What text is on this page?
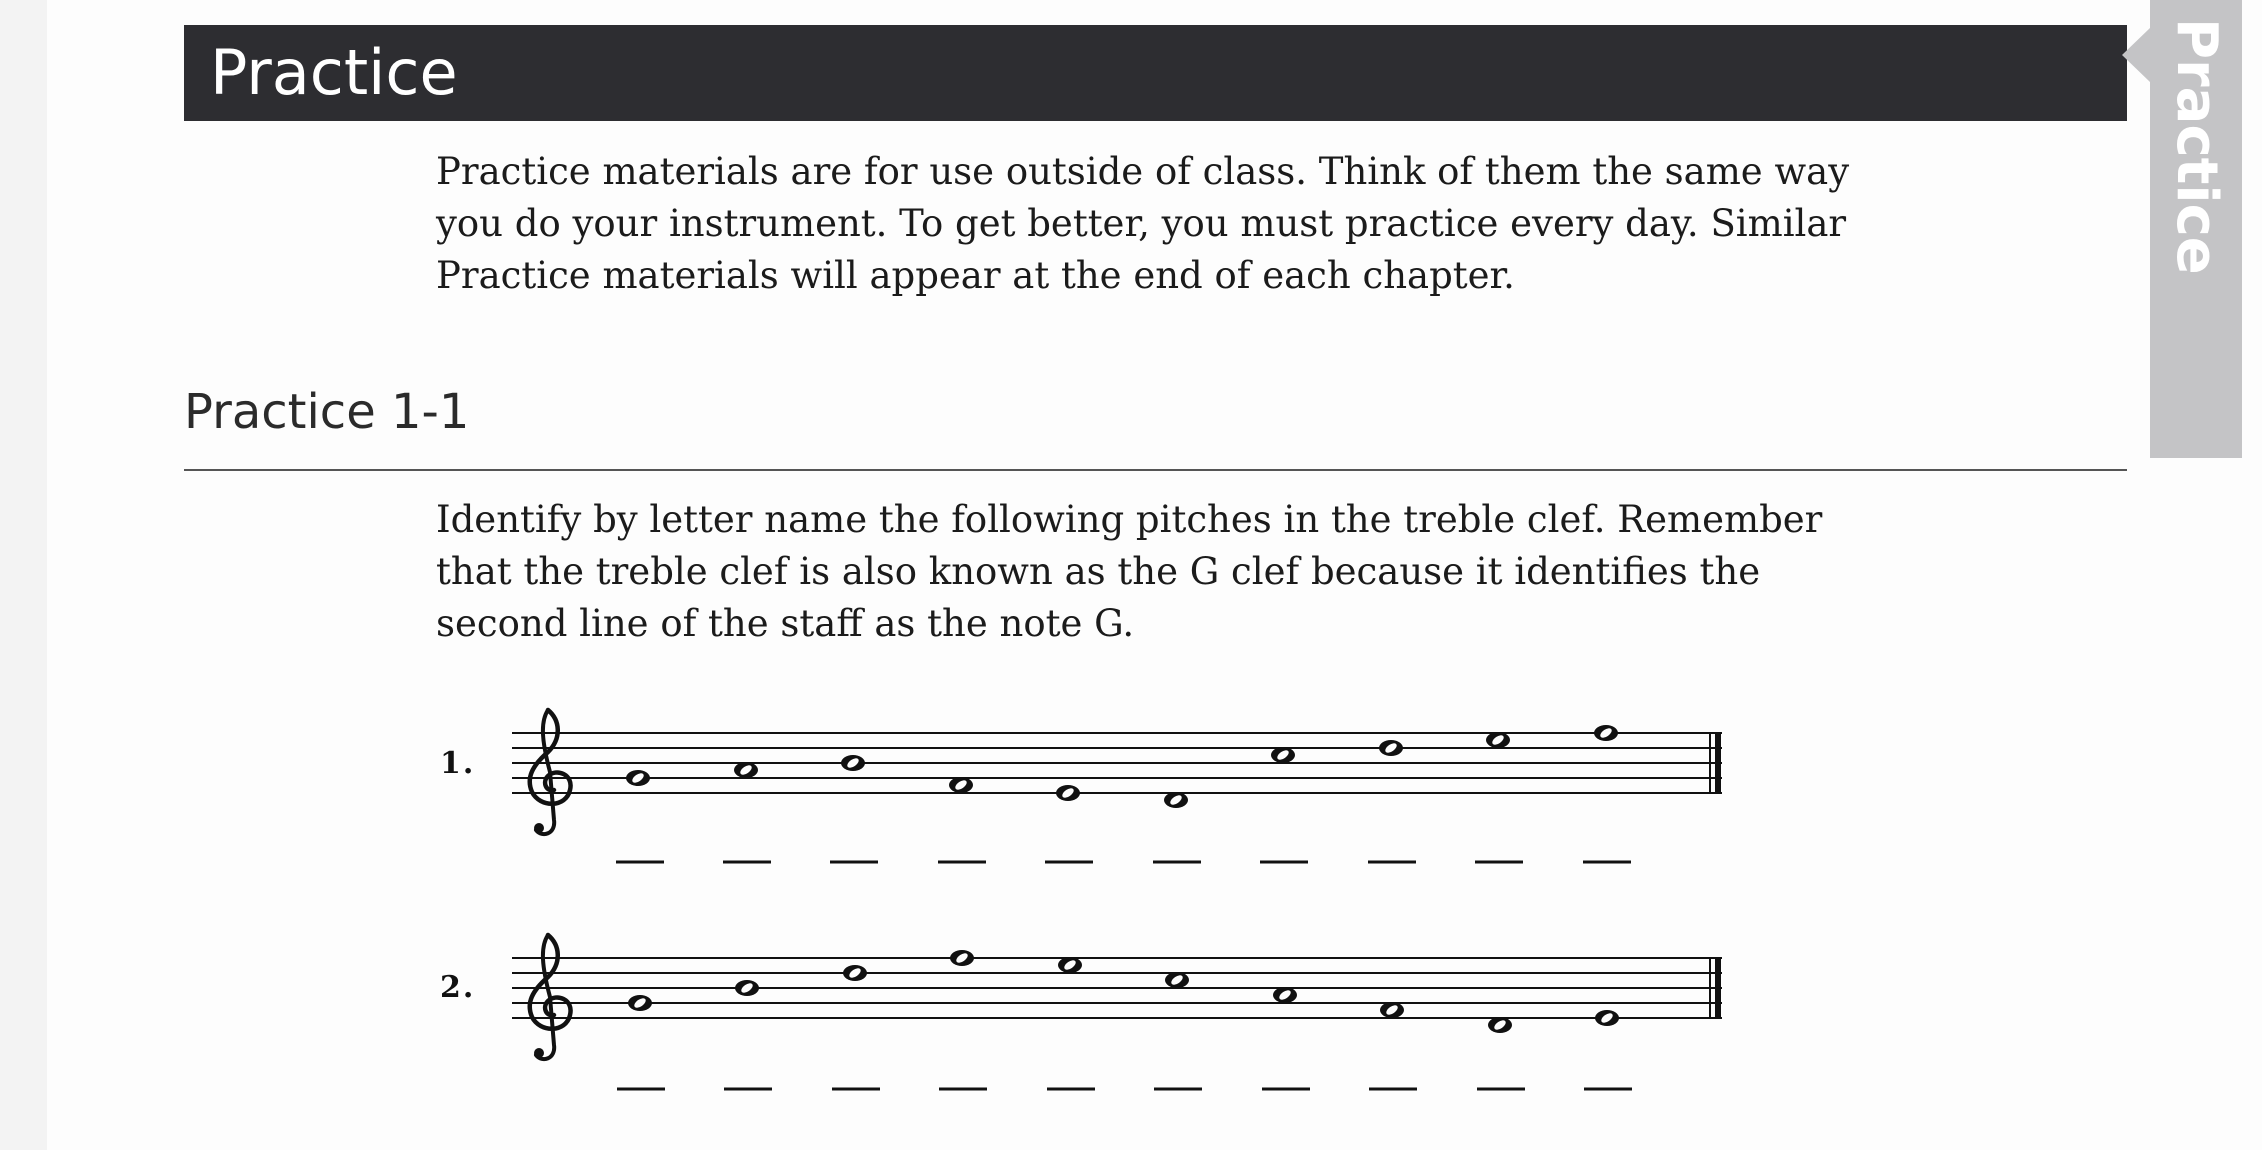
Practice	Practice

Practice materials are for use outside of class. Think of them the same way you do your instrument. To get better, you must practice every day. Similar Practice materials will appear at the end of each chapter.

Practice 1-1

Identify by letter name the following pitches in the treble clef. Remember that the treble clef is also known as the G clef because it identifies the second line of the staff as the note G.

1.
2.
